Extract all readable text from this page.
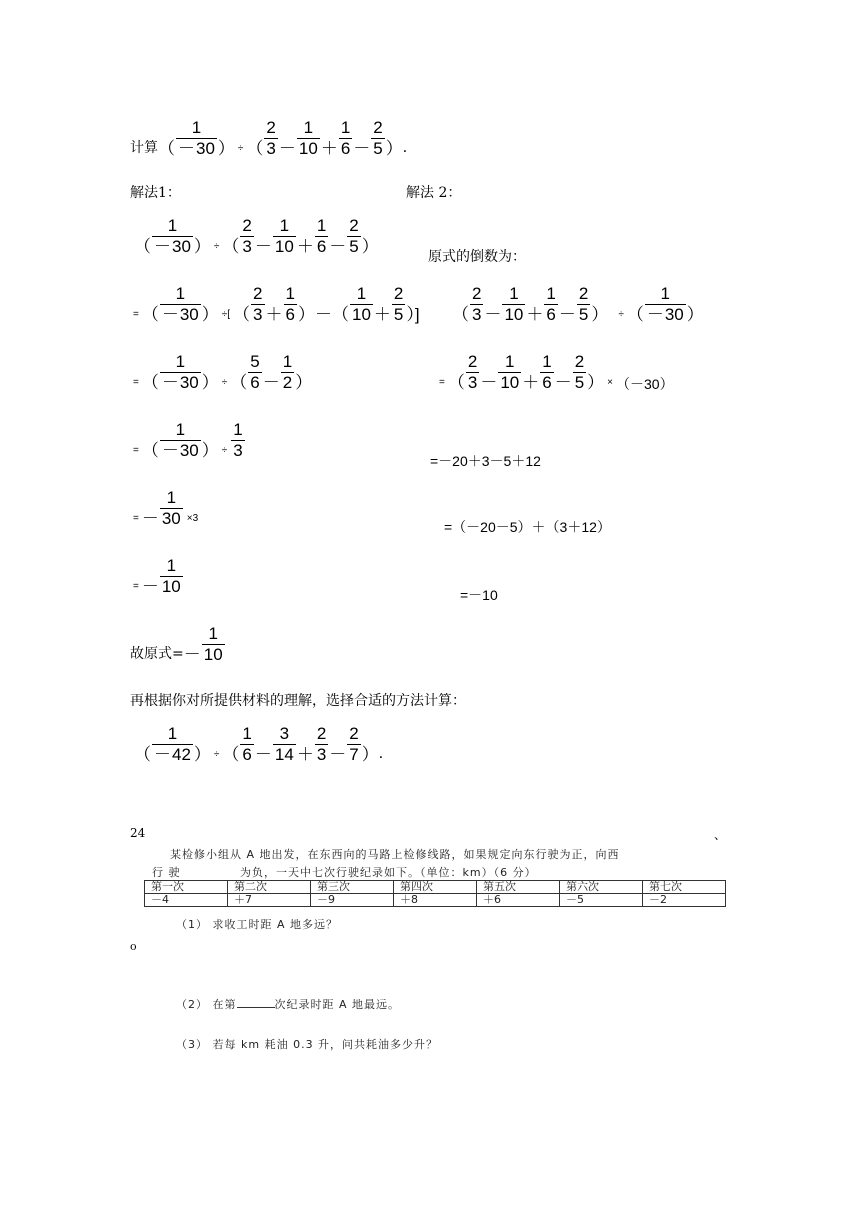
计算 （
1
－30 ） ÷ （
2
3 －
1
10 ＋
1
6 －
2
5 ） ．
解法1：	解法 2：
（
1
－30 ） ÷ （
2
3 －
1
10 ＋
1
6 －
2
5 ）
原式的倒数为：
= （
1
－30 ） ÷[ （
2
3 ＋
1
6 ）－（
1
10 ＋
2
5 ）] （
2
3 －
1
10 ＋
1
6 －
2
5 ） ÷ （
1
－30 ）
= （
1
－30 ） ÷ （
5
6 －
1
2 ）	= （
2
3 －
1
10 ＋
1
6 －
2
5 ） × （－30）
= （
1
－30 ） ÷ $\frac{1}{3}$
=－20＋3－5＋12
= － $\frac{1}{30} \times 3$
=（－20－5）＋（3＋12）
= －
1
10	=－10
故原式= －
1
10
再根据你对所提供材料的理解，选择合适的方法计算：
（
1
－42 ） ÷ （
1
6 －
3
14 ＋
2
3 －
2
7 ） ．
24	、
o
某检修小组从 A 地出发，在东西向的马路上检修线路，如果规定向东行驶为正，向西
行 驶	为负，一天中七次行驶纪录如下。（单位：km）（6 分）
第一次	第二次	第三次	第四次	第五次	第六次	第七次
－4	＋7	－9	＋8	＋6	－5	－2
（1） 求收工时距 A 地多远？
（2） 在第	次纪录时距 A 地最远。
（3） 若每 km 耗油 0.3 升，问共耗油多少升？
